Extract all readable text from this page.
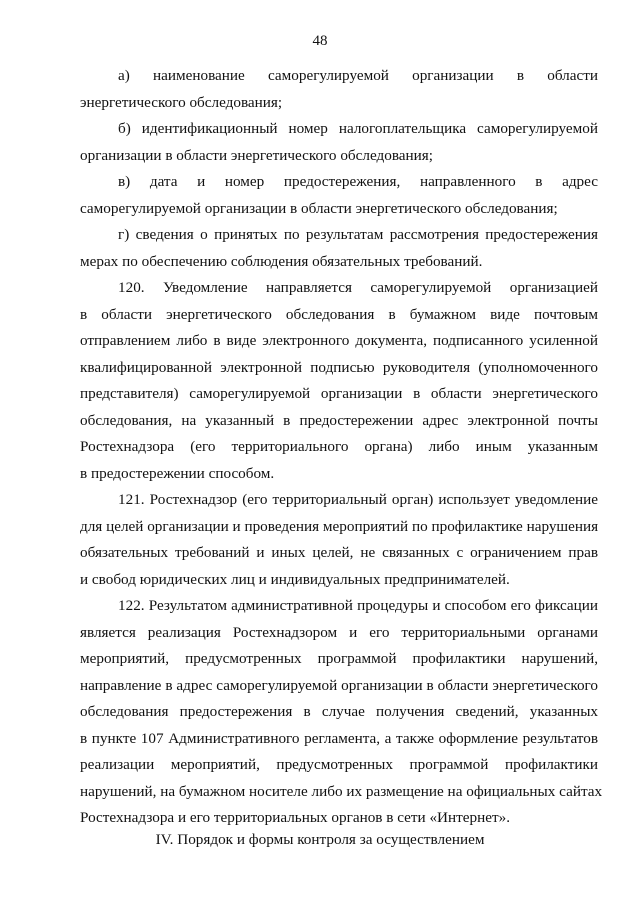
48
а) наименование саморегулируемой организации в области
энергетического обследования;
б) идентификационный номер налогоплательщика саморегулируемой
организации в области энергетического обследования;
в) дата и номер предостережения, направленного в адрес
саморегулируемой организации в области энергетического обследования;
г) сведения о принятых по результатам рассмотрения предостережения
мерах по обеспечению соблюдения обязательных требований.
120. Уведомление направляется саморегулируемой организацией
в области энергетического обследования в бумажном виде почтовым
отправлением либо в виде электронного документа, подписанного усиленной
квалифицированной электронной подписью руководителя (уполномоченного
представителя) саморегулируемой организации в области энергетического
обследования, на указанный в предостережении адрес электронной почты
Ростехнадзора (его территориального органа) либо иным указанным
в предостережении способом.
121. Ростехнадзор (его территориальный орган) использует уведомление
для целей организации и проведения мероприятий по профилактике нарушения
обязательных требований и иных целей, не связанных с ограничением прав
и свобод юридических лиц и индивидуальных предпринимателей.
122. Результатом административной процедуры и способом его фиксации
является реализация Ростехнадзором и его территориальными органами
мероприятий, предусмотренных программой профилактики нарушений,
направление в адрес саморегулируемой организации в области энергетического
обследования предостережения в случае получения сведений, указанных
в пункте 107 Административного регламента, а также оформление результатов
реализации мероприятий, предусмотренных программой профилактики
нарушений, на бумажном носителе либо их размещение на официальных сайтах
Ростехнадзора и его территориальных органов в сети «Интернет».
IV. Порядок и формы контроля за осуществлением
